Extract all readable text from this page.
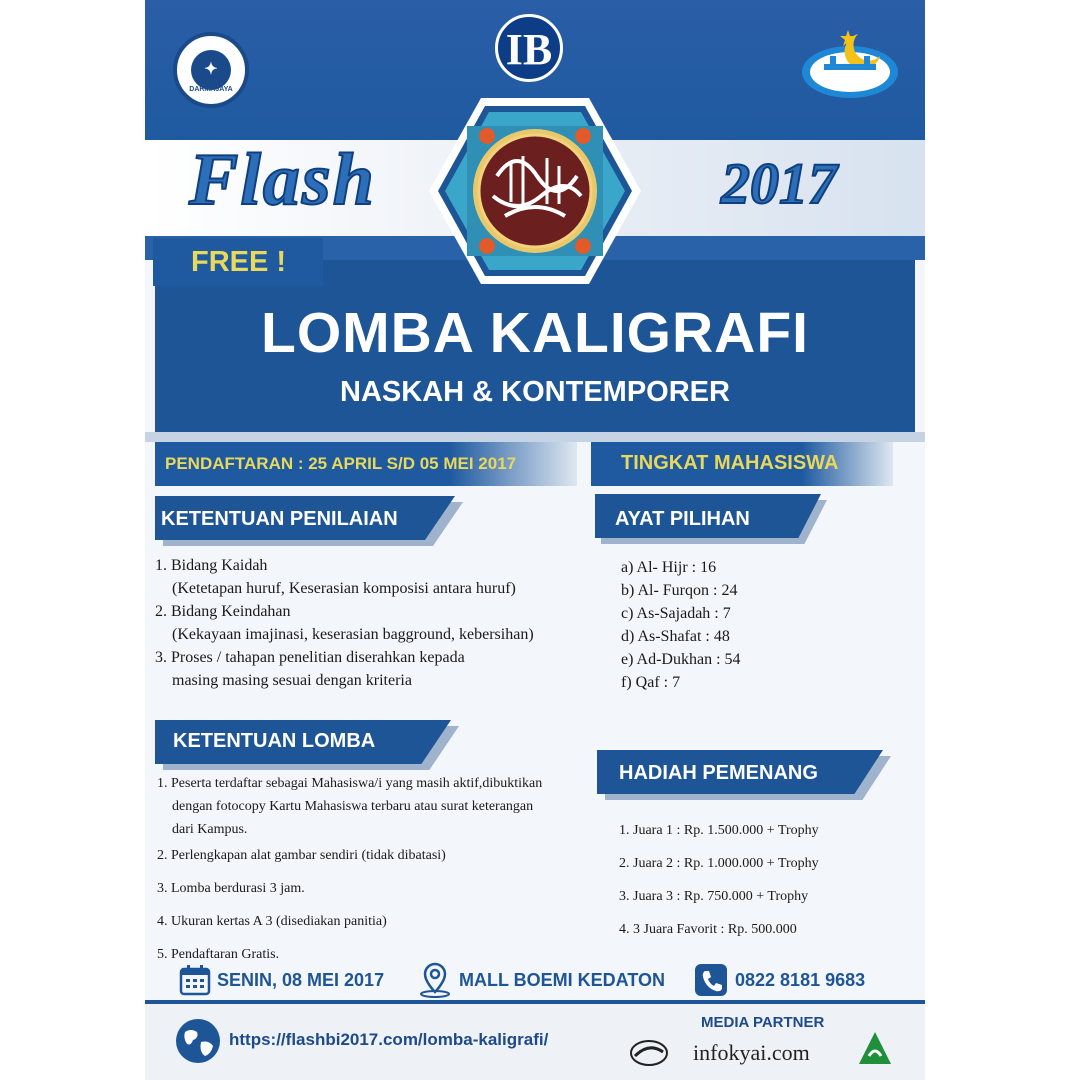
✦
DARMAJAYA
IB
Flash	2017
FREE !
LOMBA KALIGRAFI
NASKAH & KONTEMPORER
PENDAFTARAN : 25 APRIL S/D 05 MEI 2017	TINGKAT MAHASISWA
KETENTUAN PENILAIAN
1. Bidang Kaidah
(Ketetapan huruf, Keserasian komposisi antara huruf)
2. Bidang Keindahan
(Kekayaan imajinasi, keserasian bagground, kebersihan)
3. Proses / tahapan penelitian diserahkan kepada
masing masing sesuai dengan kriteria
AYAT PILIHAN
a) Al- Hijr : 16
b) Al- Furqon : 24
c) As-Sajadah : 7
d) As-Shafat : 48
e) Ad-Dukhan : 54
f) Qaf : 7
KETENTUAN LOMBA
1. Peserta terdaftar sebagai Mahasiswa/i yang masih aktif,dibuktikan
dengan fotocopy Kartu Mahasiswa terbaru atau surat keterangan
dari Kampus.
2. Perlengkapan alat gambar sendiri (tidak dibatasi)
3. Lomba berdurasi 3 jam.
4. Ukuran kertas A 3 (disediakan panitia)
5. Pendaftaran Gratis.
HADIAH PEMENANG
1. Juara 1 : Rp. 1.500.000 + Trophy
2. Juara 2 : Rp. 1.000.000 + Trophy
3. Juara 3 : Rp. 750.000 + Trophy
4. 3 Juara Favorit : Rp. 500.000
SENIN, 08 MEI 2017	MALL BOEMI KEDATON	0822 8181 9683
https://flashbi2017.com/lomba-kaligrafi/
MEDIA PARTNER
infokyai.com
